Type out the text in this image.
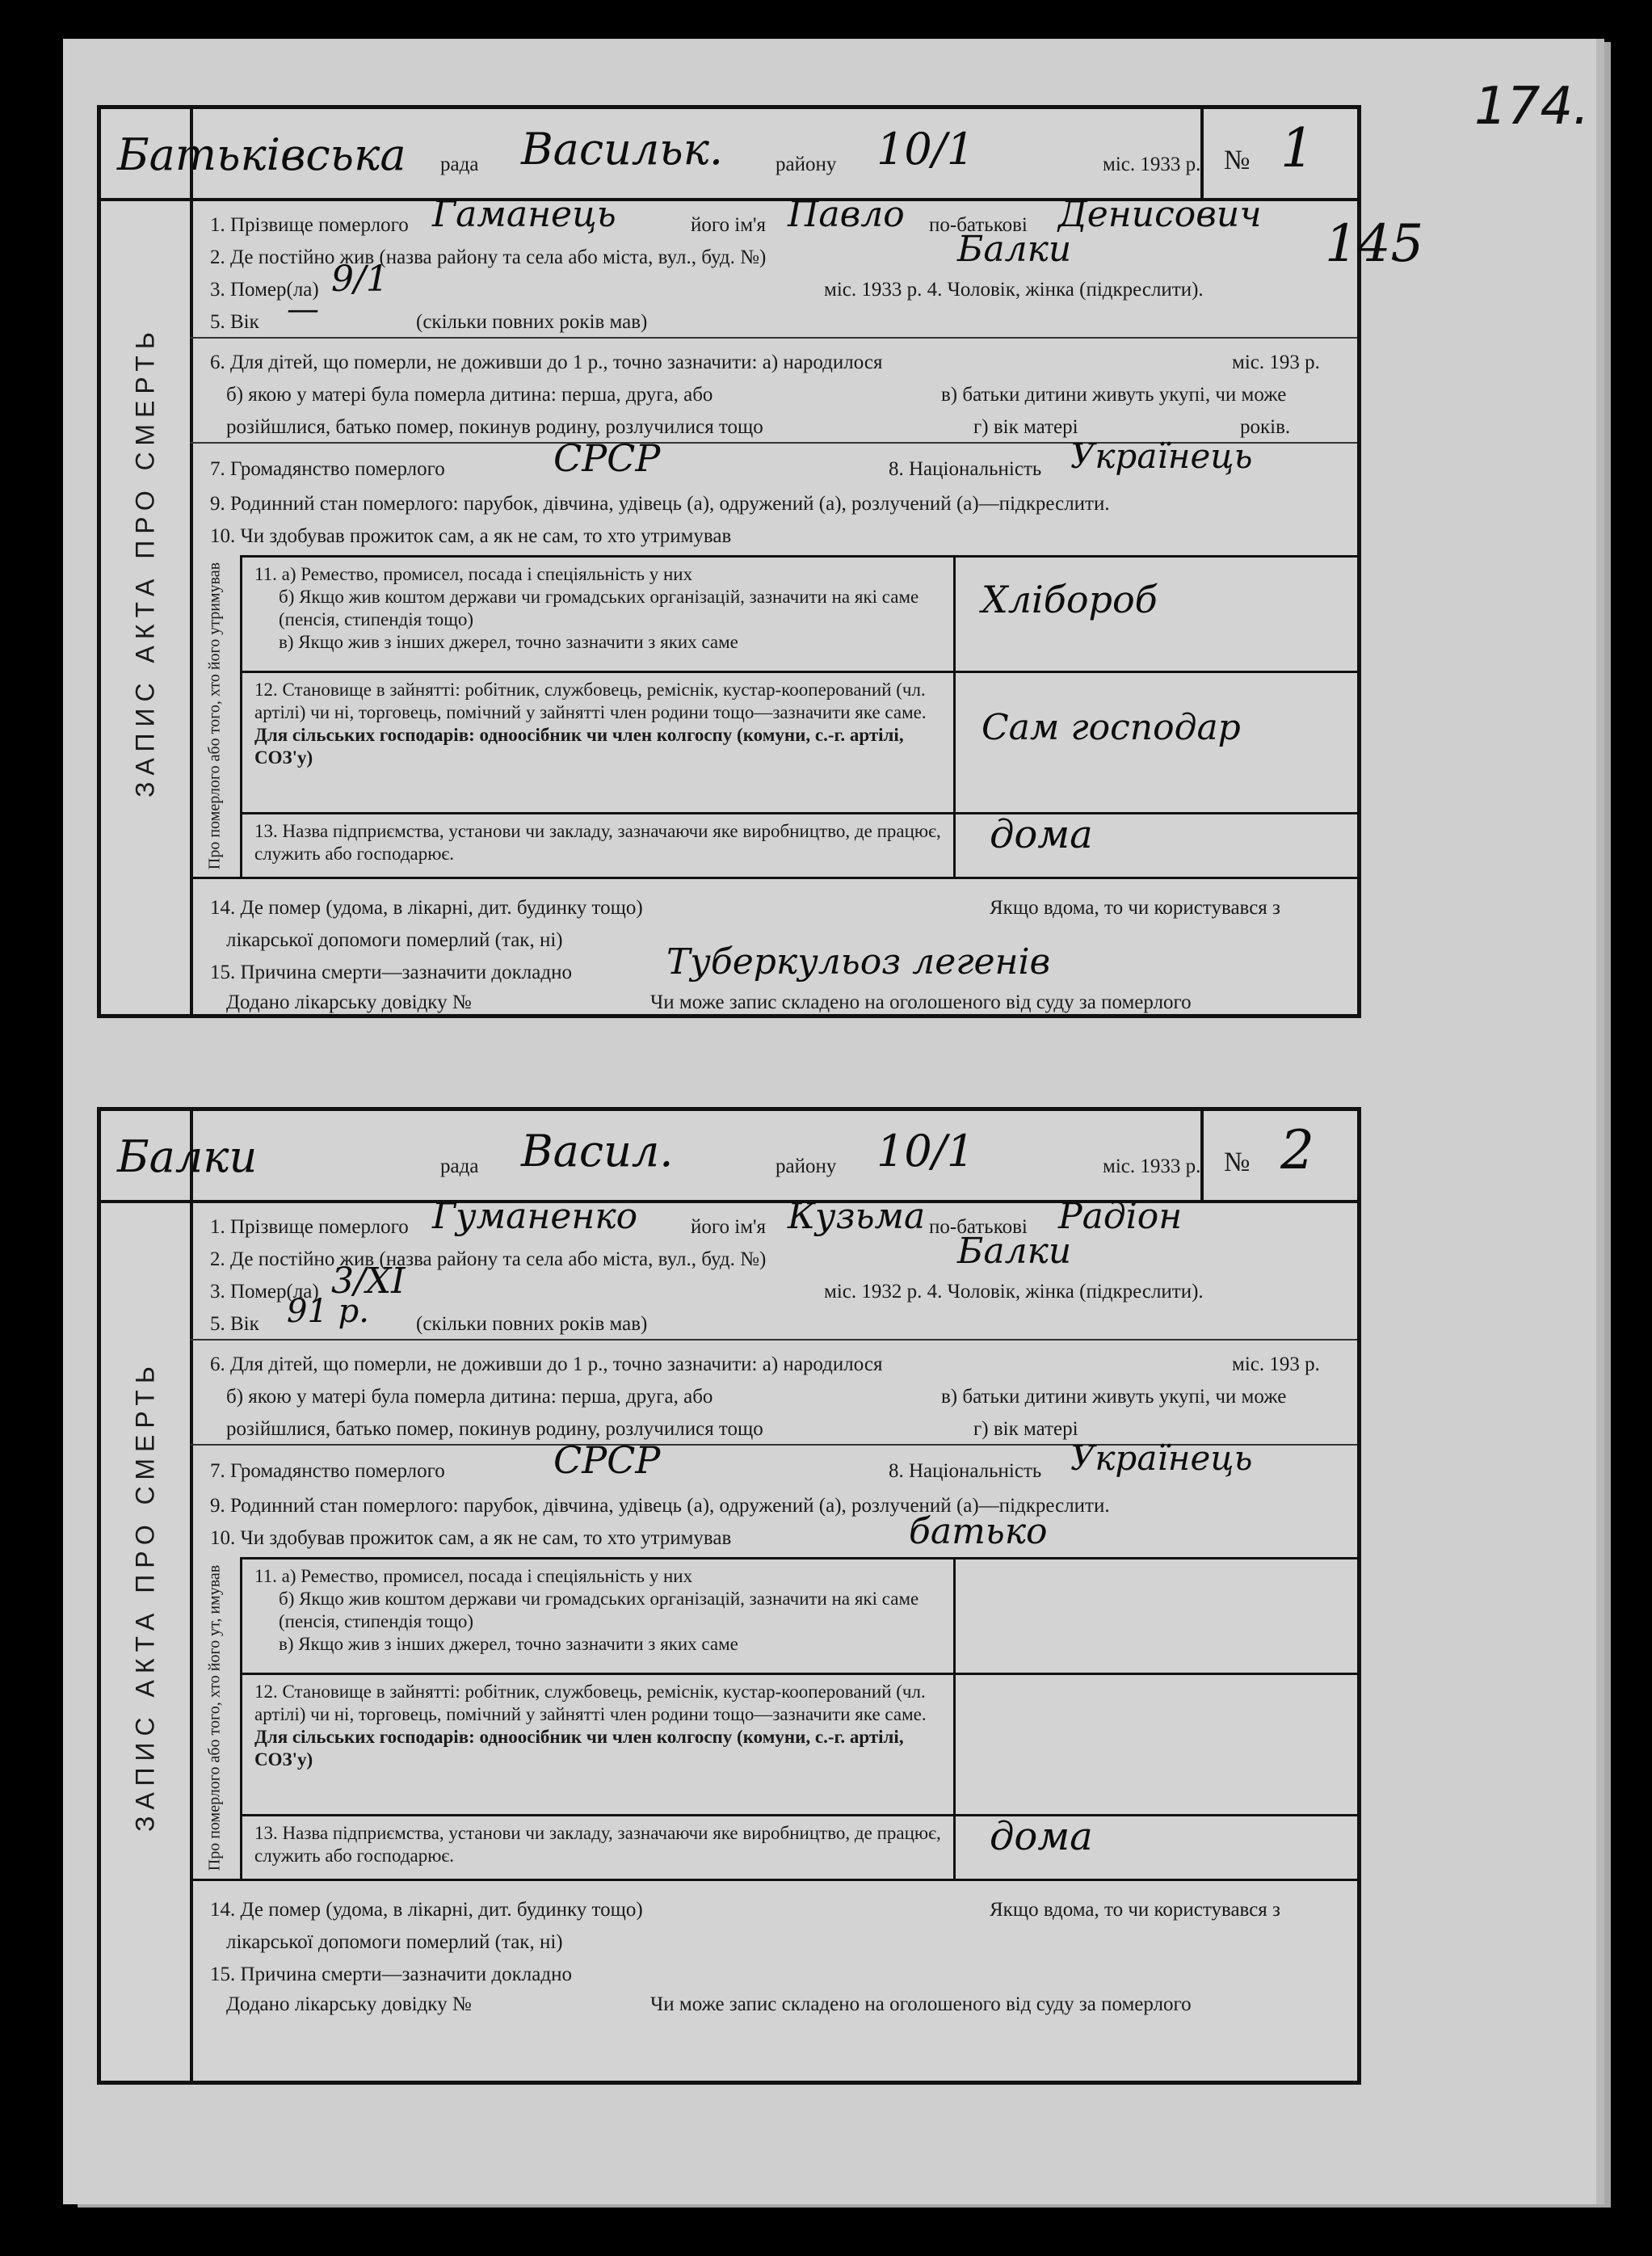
174.
ЗАПИС АКТА ПРО СМЕРТЬ
Батьківська рада Васильк.	району 10/1	міс. 1933 р. № 1
1. Прізвище померлого Гаманець	його ім'я Павло по-батькові Денисович
2. Де постійно жив (назва району та села або міста, вул., буд. №)	Балки
3. Помер(ла) 9/1	міс. 1933 р. 4. Чоловік, жінка (підкреслити).
5. Вік —	(скільки повних років мав)
6. Для дітей, що померли, не доживши до 1 р., точно зазначити: а) народилося	міс. 193 р.
б) якою у матері була померла дитина: перша, друга, або	в) батьки дитини живуть укупі, чи може
розійшлися, батько помер, покинув родину, розлучилися тощо	г) вік матері	років.
7. Громадянство померлого	СРСР	8. Національність Українець
9. Родинний стан померлого: парубок, дівчина, удівець (а), одружений (а), розлучений (а)—підкреслити.
10. Чи здобував прожиток сам, а як не сам, то хто утримував
Про померлого або того, хто його утримував 11. а) Ремество, промисел, посада і спеціяльність у них
б) Якщо жив коштом держави чи громадських організацій, зазначити на які саме (пенсія, стипендія тощо)
в) Якщо жив з інших джерел, точно зазначити з яких саме
Хлібороб
12. Становище в зайнятті: робітник, службовець, реміснік, кустар-кооперований (чл. артілі) чи ні, торговець, помічний у зайнятті член родини тощо—зазначити яке саме.
Для сільських господарів: одноосібник чи член колгоспу (комуни, с.-г. артілі, СОЗ'у)
Сам господар
13. Назва підприємства, установи чи закладу, зазначаючи яке виробництво, де працює, служить або господарює.	дома
14. Де помер (удома, в лікарні, дит. будинку тощо)	Якщо вдома, то чи користувався з
лікарської допомоги померлий (так, ні)
15. Причина смерти—зазначити докладно	Туберкульоз легенів
Додано лікарську довідку №	Чи може запис складено на оголошеного від суду за померлого
ЗАПИС АКТА ПРО СМЕРТЬ
Балки	рада Васил.	району 10/1	міс. 1933 р. № 2
1. Прізвище померлого Гуманенко	його ім'я Кузьма по-батькові Радіон
2. Де постійно жив (назва району та села або міста, вул., буд. №)	Балки
3. Помер(ла) 3/XI	міс. 1932 р. 4. Чоловік, жінка (підкреслити).
5. Вік 91 р. (скільки повних років мав)
6. Для дітей, що померли, не доживши до 1 р., точно зазначити: а) народилося	міс. 193 р.
б) якою у матері була померла дитина: перша, друга, або	в) батьки дитини живуть укупі, чи може
розійшлися, батько помер, покинув родину, розлучилися тощо	г) вік матері
7. Громадянство померлого	СРСР	8. Національність Українець
9. Родинний стан померлого: парубок, дівчина, удівець (а), одружений (а), розлучений (а)—підкреслити.
10. Чи здобував прожиток сам, а як не сам, то хто утримував	батько
Про померлого або того, хто його ут, имував 11. а) Ремество, промисел, посада і спеціяльність у них
б) Якщо жив коштом держави чи громадських організацій, зазначити на які саме (пенсія, стипендія тощо)
в) Якщо жив з інших джерел, точно зазначити з яких саме
12. Становище в зайнятті: робітник, службовець, реміснік, кустар-кооперований (чл. артілі) чи ні, торговець, помічний у зайнятті член родини тощо—зазначити яке саме.
Для сільських господарів: одноосібник чи член колгоспу (комуни, с.-г. артілі, СОЗ'у)
13. Назва підприємства, установи чи закладу, зазначаючи яке виробництво, де працює, служить або господарює.	дома
14. Де помер (удома, в лікарні, дит. будинку тощо)	Якщо вдома, то чи користувався з
лікарської допомоги померлий (так, ні)
15. Причина смерти—зазначити докладно
Додано лікарську довідку №	Чи може запис складено на оголошеного від суду за померлого
145
